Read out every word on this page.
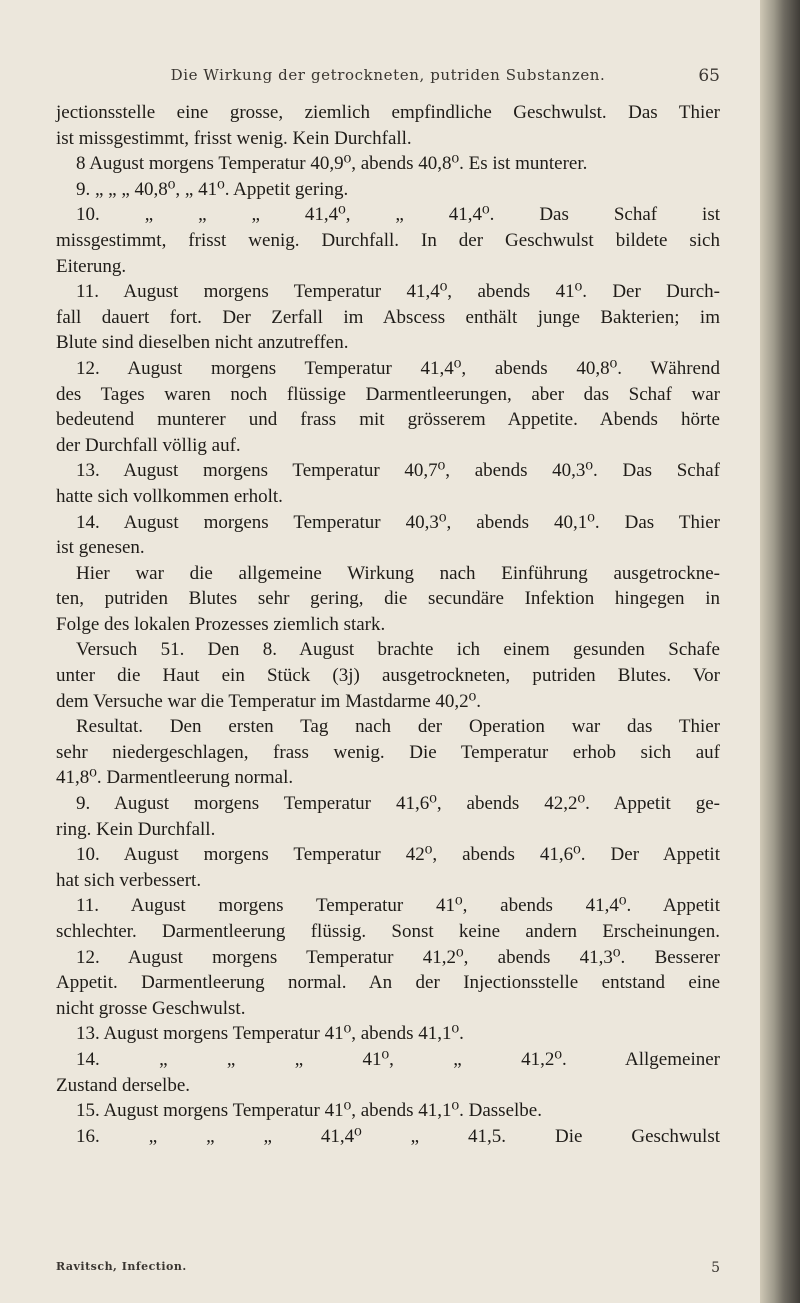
Die Wirkung der getrockneten, putriden Substanzen.	65
jectionsstelle eine grosse, ziemlich empfindliche Geschwulst. Das Thier
ist missgestimmt, frisst wenig. Kein Durchfall.
8 August morgens Temperatur 40,9⁰, abends 40,8⁰. Es ist munterer.
9. „ „ „ 40,8⁰, „ 41⁰. Appetit gering.
10. „ „ „ 41,4⁰, „ 41,4⁰. Das Schaf ist
missgestimmt, frisst wenig. Durchfall. In der Geschwulst bildete sich
Eiterung.
11. August morgens Temperatur 41,4⁰, abends 41⁰. Der Durch-
fall dauert fort. Der Zerfall im Abscess enthält junge Bakterien; im
Blute sind dieselben nicht anzutreffen.
12. August morgens Temperatur 41,4⁰, abends 40,8⁰. Während
des Tages waren noch flüssige Darmentleerungen, aber das Schaf war
bedeutend munterer und frass mit grösserem Appetite. Abends hörte
der Durchfall völlig auf.
13. August morgens Temperatur 40,7⁰, abends 40,3⁰. Das Schaf
hatte sich vollkommen erholt.
14. August morgens Temperatur 40,3⁰, abends 40,1⁰. Das Thier
ist genesen.
Hier war die allgemeine Wirkung nach Einführung ausgetrockne-
ten, putriden Blutes sehr gering, die secundäre Infektion hingegen in
Folge des lokalen Prozesses ziemlich stark.
Versuch 51. Den 8. August brachte ich einem gesunden Schafe
unter die Haut ein Stück (3j) ausgetrockneten, putriden Blutes. Vor
dem Versuche war die Temperatur im Mastdarme 40,2⁰.
Resultat. Den ersten Tag nach der Operation war das Thier
sehr niedergeschlagen, frass wenig. Die Temperatur erhob sich auf
41,8⁰. Darmentleerung normal.
9. August morgens Temperatur 41,6⁰, abends 42,2⁰. Appetit ge-
ring. Kein Durchfall.
10. August morgens Temperatur 42⁰, abends 41,6⁰. Der Appetit
hat sich verbessert.
11. August morgens Temperatur 41⁰, abends 41,4⁰. Appetit
schlechter. Darmentleerung flüssig. Sonst keine andern Erscheinungen.
12. August morgens Temperatur 41,2⁰, abends 41,3⁰. Besserer
Appetit. Darmentleerung normal. An der Injectionsstelle entstand eine
nicht grosse Geschwulst.
13. August morgens Temperatur 41⁰, abends 41,1⁰.
14. „ „ „ 41⁰, „ 41,2⁰. Allgemeiner
Zustand derselbe.
15. August morgens Temperatur 41⁰, abends 41,1⁰. Dasselbe.
16. „ „ „ 41,4⁰ „ 41,5. Die Geschwulst
Ravitsch, Infection.	5
